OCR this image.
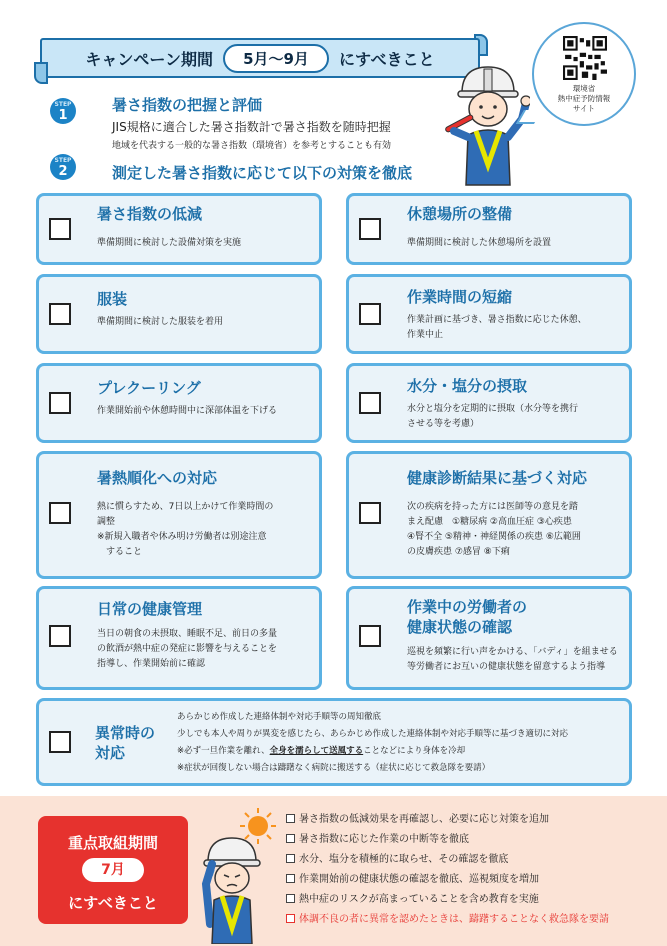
キャンペーン期間	5月〜9月	にすべきこと
環境省
熱中症予防情報
サイト
STEP
1
暑さ指数の把握と評価
JIS規格に適合した暑さ指数計で暑さ指数を随時把握
地域を代表する一般的な暑さ指数（環境省）を参考とすることも有効
STEP
2	測定した暑さ指数に応じて以下の対策を徹底
暑さ指数の低減
準備期間に検討した設備対策を実施
服装
準備期間に検討した服装を着用
プレクーリング
作業開始前や休憩時間中に深部体温を下げる
暑熱順化への対応
熱に慣らすため、7日以上かけて作業時間の
調整
※新規入職者や休み明け労働者は別途注意
　すること
日常の健康管理
当日の朝食の未摂取、睡眠不足、前日の多量
の飲酒が熱中症の発症に影響を与えることを
指導し、作業開始前に確認
休憩場所の整備
準備期間に検討した休憩場所を設置
作業時間の短縮
作業計画に基づき、暑さ指数に応じた休憩、
作業中止
水分・塩分の摂取
水分と塩分を定期的に摂取（水分等を携行
させる等を考慮）
健康診断結果に基づく対応
次の疾病を持った方には医師等の意見を踏
まえ配慮　①糖尿病 ②高血圧症 ③心疾患
④腎不全 ⑤精神・神経関係の疾患 ⑥広範囲
の皮膚疾患 ⑦感冒 ⑧下痢
作業中の労働者の
健康状態の確認
巡視を頻繁に行い声をかける、「バディ」を組ませる
等労働者にお互いの健康状態を留意するよう指導
異常時の
対応
あらかじめ作成した連絡体制や対応手順等の周知徹底
少しでも本人や周りが異変を感じたら、あらかじめ作成した連絡体制や対応手順等に基づき適切に対応
※必ず一旦作業を離れ、全身を濡らして送風することなどにより身体を冷却
※症状が回復しない場合は躊躇なく病院に搬送する（症状に応じて救急隊を要請）
重点取組期間
7月
にすべきこと
暑さ指数の低減効果を再確認し、必要に応じ対策を追加
暑さ指数に応じた作業の中断等を徹底
水分、塩分を積極的に取らせ、その確認を徹底
作業開始前の健康状態の確認を徹底、巡視頻度を増加
熱中症のリスクが高まっていることを含め教育を実施
体調不良の者に異常を認めたときは、躊躇することなく救急隊を要請
